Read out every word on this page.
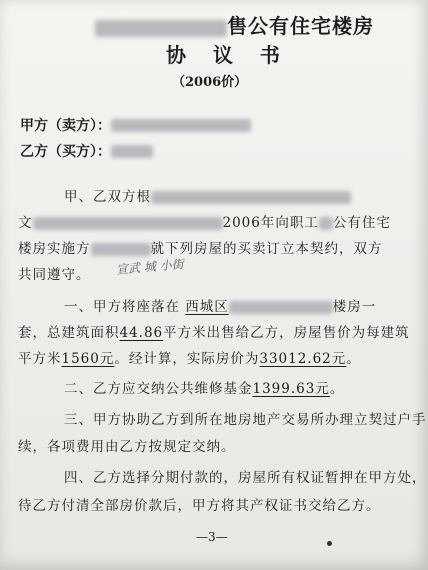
售公有住宅楼房
协 议 书
（2006价）
甲方（卖方）：
乙方（买方）：
甲、乙双方根
文	2006年向职工 公有住宅
楼房实施方	就下列房屋的买卖订立本契约，双方
共同遵守。 宣武 城 小街
一、甲方将座落在 西城区	楼房一
套，总建筑面积44.86平方米出售给乙方，房屋售价为每建筑
平方米1560元。经计算，实际房价为33012.62元。
二、乙方应交纳公共维修基金1399.63元。
三、甲方协助乙方到所在地房地产交易所办理立契过户手
续，各项费用由乙方按规定交纳。
四、乙方选择分期付款的，房屋所有权证暂押在甲方处，
待乙方付清全部房价款后，甲方将其产权证书交给乙方。
—3—
